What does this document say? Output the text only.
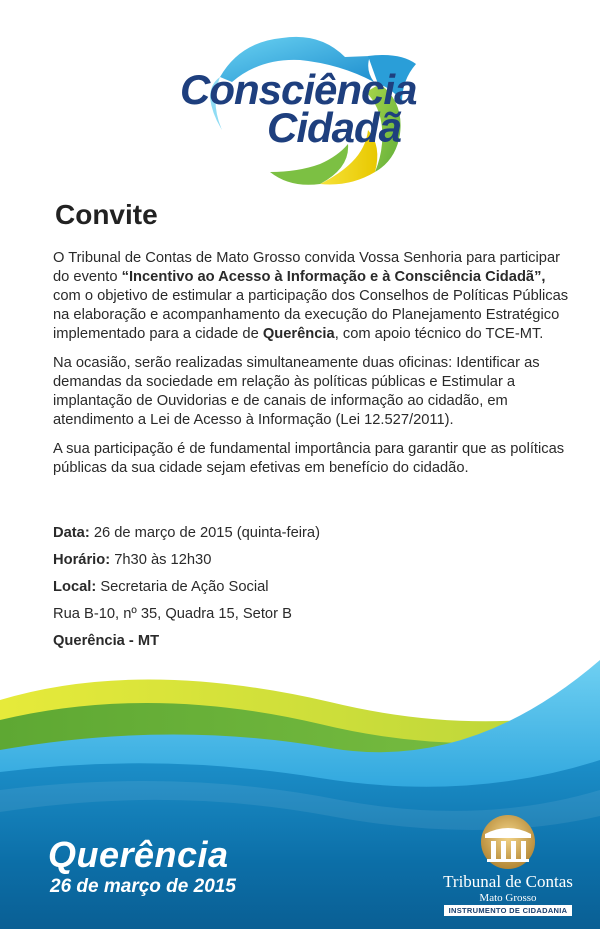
Consciência
Cidadã
Convite

O Tribunal de Contas de Mato Grosso convida Vossa Senhoria para participar do evento “Incentivo ao Acesso à Informação e à Consciência Cidadã”, com o objetivo de estimular a participação dos Conselhos de Políticas Públicas na elaboração e acompanhamento da execução do Planejamento Estratégico implementado para a cidade de Querência, com apoio técnico do TCE-MT.

Na ocasião, serão realizadas simultaneamente duas oficinas: Identificar as demandas da sociedade em relação às políticas públicas e Estimular a implantação de Ouvidorias e de canais de informação ao cidadão, em atendimento a Lei de Acesso à Informação (Lei 12.527/2011).

A sua participação é de fundamental importância para garantir que as políticas públicas da sua cidade sejam efetivas em benefício do cidadão.

Data: 26 de março de 2015 (quinta-feira)
Horário: 7h30 às 12h30
Local: Secretaria de Ação Social
Rua B-10, nº 35, Quadra 15, Setor B
Querência - MT
Querência
26 de março de 2015	Tribunal de Contas
Mato Grosso
INSTRUMENTO DE CIDADANIA
